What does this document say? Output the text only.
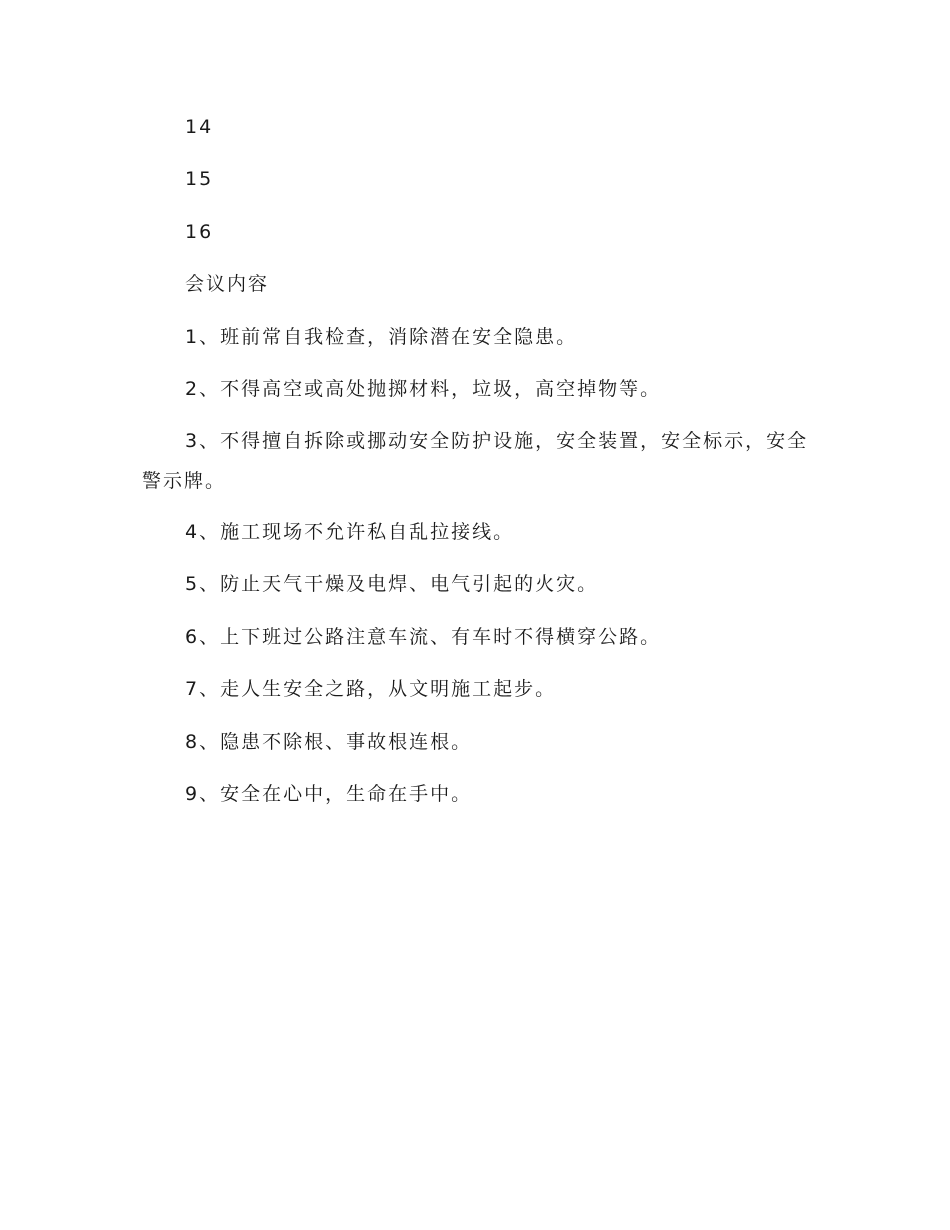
14
15
16
会议内容
1、班前常自我检查，消除潜在安全隐患。
2、不得高空或高处抛掷材料，垃圾，高空掉物等。
3、不得擅自拆除或挪动安全防护设施，安全装置，安全标示，安全警示牌。
4、施工现场不允许私自乱拉接线。
5、防止天气干燥及电焊、电气引起的火灾。
6、上下班过公路注意车流、有车时不得横穿公路。
7、走人生安全之路，从文明施工起步。
8、隐患不除根、事故根连根。
9、安全在心中，生命在手中。
